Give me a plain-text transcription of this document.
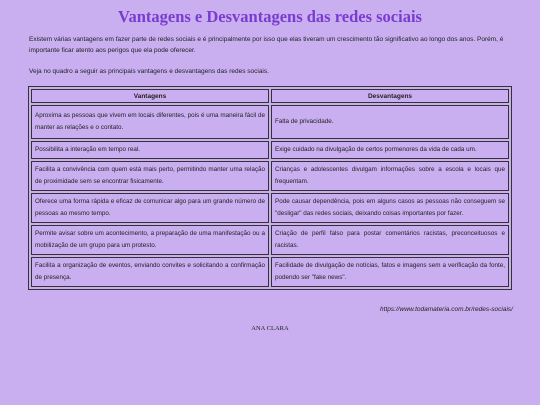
Vantagens e Desvantagens das redes sociais

Existem várias vantagens em fazer parte de redes sociais e é principalmente por isso que elas tiveram um crescimento tão significativo ao longo dos anos. Porém, é importante ficar atento aos perigos que ela pode oferecer.

Veja no quadro a seguir as principais vantagens e desvantagens das redes sociais.

Vantagens	Desvantagens
Aproxima as pessoas que vivem em locais diferentes, pois é uma maneira fácil de manter as relações e o contato.	Falta de privacidade.
Possibilita a interação em tempo real.	Exige cuidado na divulgação de certos pormenores da vida de cada um.
Facilita a convivência com quem está mais perto, permitindo manter uma relação de proximidade sem se encontrar fisicamente.	Crianças e adolescentes divulgam informações sobre a escola e locais que frequentam.
Oferece uma forma rápida e eficaz de comunicar algo para um grande número de pessoas ao mesmo tempo.	Pode causar dependência, pois em alguns casos as pessoas não conseguem se "desligar" das redes sociais, deixando coisas importantes por fazer.
Permite avisar sobre um acontecimento, a preparação de uma manifestação ou a mobilização de um grupo para um protesto.	Criação de perfil falso para postar comentários racistas, preconceituosos e racistas.
Facilita a organização de eventos, enviando convites e solicitando a confirmação de presença.	Facilidade de divulgação de notícias, fatos e imagens sem a verificação da fonte, podendo ser "fake news".

https://www.todamateria.com.br/redes-sociais/

ANA CLARA
